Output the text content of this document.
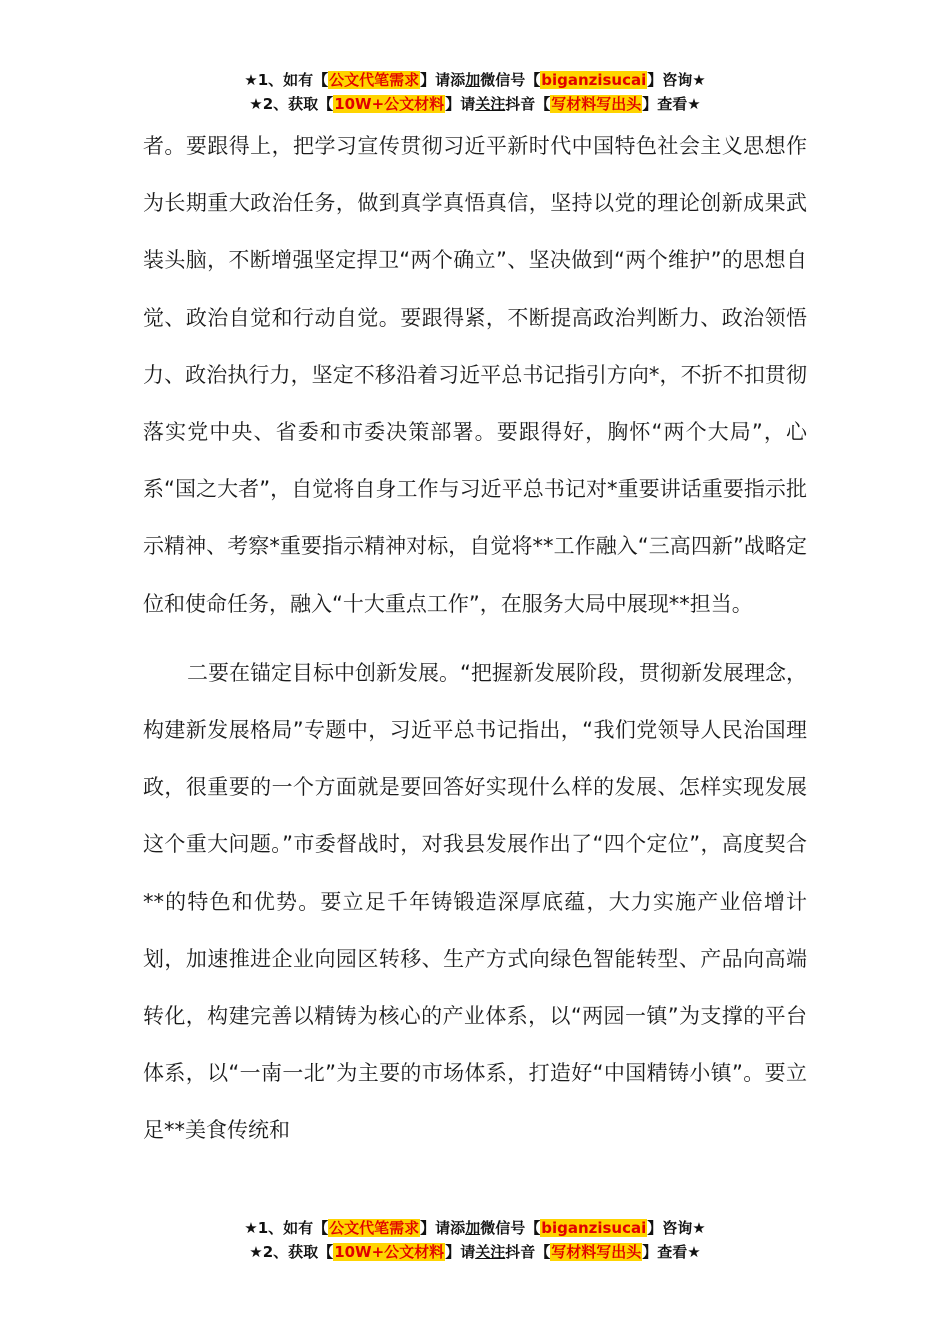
★1、如有【公文代笔需求】请添加微信号【biganzisucai】咨询★
★2、获取【10W+公文材料】请关注抖音【写材料写出头】查看★

者。要跟得上，把学习宣传贯彻习近平新时代中国特色社会主义思想作为长期重大政治任务，做到真学真悟真信，坚持以党的理论创新成果武装头脑，不断增强坚定捍卫“两个确立”、坚决做到“两个维护”的思想自觉、政治自觉和行动自觉。要跟得紧，不断提高政治判断力、政治领悟力、政治执行力，坚定不移沿着习近平总书记指引方向*，不折不扣贯彻落实党中央、省委和市委决策部署。要跟得好，胸怀“两个大局”，心系“国之大者”，自觉将自身工作与习近平总书记对*重要讲话重要指示批示精神、考察*重要指示精神对标，自觉将**工作融入“三高四新”战略定位和使命任务，融入“十大重点工作”，在服务大局中展现**担当。

二要在锚定目标中创新发展。“把握新发展阶段，贯彻新发展理念，构建新发展格局”专题中，习近平总书记指出，“我们党领导人民治国理政，很重要的一个方面就是要回答好实现什么样的发展、怎样实现发展这个重大问题。”市委督战时，对我县发展作出了“四个定位”，高度契合**的特色和优势。要立足千年铸锻造深厚底蕴，大力实施产业倍增计划，加速推进企业向园区转移、生产方式向绿色智能转型、产品向高端转化，构建完善以精铸为核心的产业体系，以“两园一镇”为支撑的平台体系，以“一南一北”为主要的市场体系，打造好“中国精铸小镇”。要立足**美食传统和

★1、如有【公文代笔需求】请添加微信号【biganzisucai】咨询★
★2、获取【10W+公文材料】请关注抖音【写材料写出头】查看★
